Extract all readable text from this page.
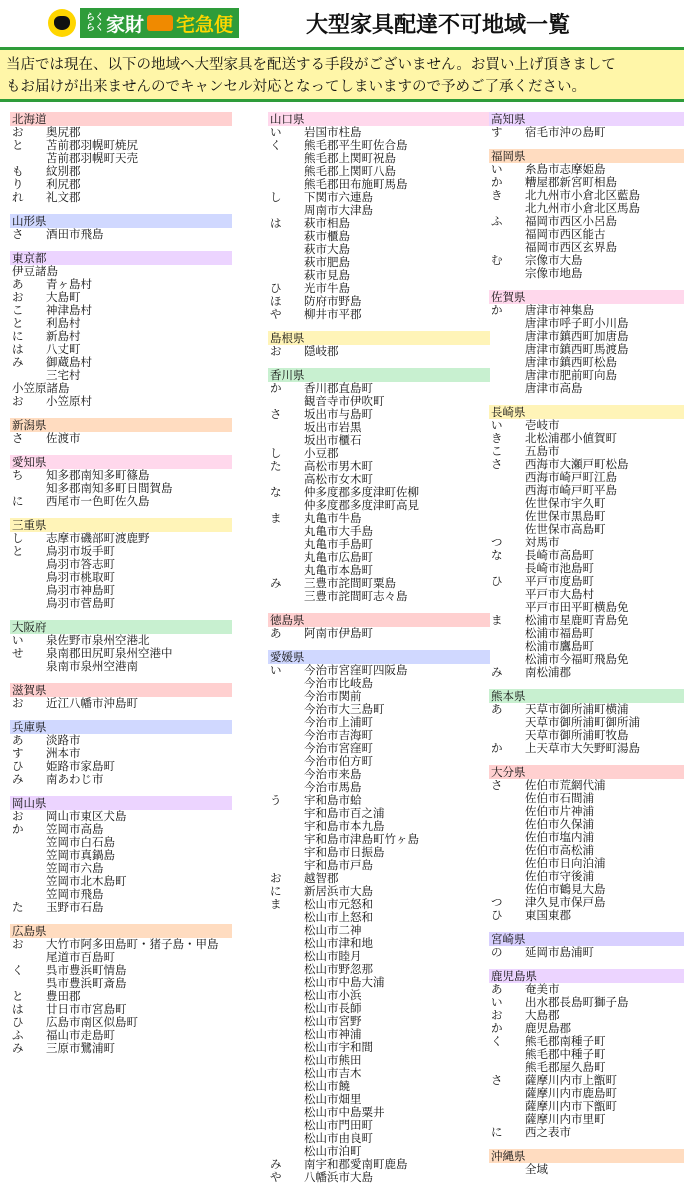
らくらく 家財 宅急便	大型家具配達不可地域一覧
当店では現在、以下の地域へ大型家具を配送する手段がございません。お買い上げ頂きまして
もお届けが出来ませんのでキャンセル対応となってしまいますので予めご了承ください。
北海道
お	奥尻郡
と	苫前郡羽幌町焼尻
苫前郡羽幌町天売
も	紋別郡
り	利尻郡
れ	礼文郡
山形県
さ	酒田市飛島
東京都
伊豆諸島
あ	青ヶ島村
お	大島町
こ	神津島村
と	利島村
に	新島村
は	八丈町
み	御蔵島村
三宅村
小笠原諸島
お	小笠原村
新潟県
さ	佐渡市
愛知県
ち	知多郡南知多町篠島
知多郡南知多町日間賀島
に	西尾市一色町佐久島
三重県
し	志摩市磯部町渡鹿野
と	鳥羽市坂手町
鳥羽市答志町
鳥羽市桃取町
鳥羽市神島町
鳥羽市菅島町
大阪府
い	泉佐野市泉州空港北
せ	泉南郡田尻町泉州空港中
泉南市泉州空港南
滋賀県
お	近江八幡市沖島町
兵庫県
あ	淡路市
す	洲本市
ひ	姫路市家島町
み	南あわじ市
岡山県
お	岡山市東区犬島
か	笠岡市高島
笠岡市白石島
笠岡市真鍋島
笠岡市六島
笠岡市北木島町
笠岡市飛島
た	玉野市石島
広島県
お	大竹市阿多田島町・猪子島・甲島
尾道市百島町
く	呉市豊浜町情島
呉市豊浜町斎島
と	豊田郡
は	廿日市市宮島町
ひ	広島市南区似島町
ふ	福山市走島町
み	三原市鷺浦町
山口県
い	岩国市柱島
く	熊毛郡平生町佐合島
熊毛郡上関町祝島
熊毛郡上関町八島
熊毛郡田布施町馬島
し	下関市六連島
周南市大津島
は	萩市相島
萩市櫃島
萩市大島
萩市肥島
萩市見島
ひ	光市牛島
ほ	防府市野島
や	柳井市平郡
島根県
お	隠岐郡
香川県
か	香川郡直島町
観音寺市伊吹町
さ	坂出市与島町
坂出市岩黒
坂出市櫃石
し	小豆郡
た	高松市男木町
高松市女木町
な	仲多度郡多度津町佐柳
仲多度郡多度津町高見
ま	丸亀市牛島
丸亀市大手島
丸亀市手島町
丸亀市広島町
丸亀市本島町
み	三豊市詫間町粟島
三豊市詫間町志々島
徳島県
あ	阿南市伊島町
愛媛県
い	今治市宮窪町四阪島
今治市比岐島
今治市関前
今治市大三島町
今治市上浦町
今治市吉海町
今治市宮窪町
今治市伯方町
今治市来島
今治市馬島
う	宇和島市蛤
宇和島市百之浦
宇和島市本九島
宇和島市津島町竹ヶ島
宇和島市日振島
宇和島市戸島
お	越智郡
に	新居浜市大島
ま	松山市元怒和
松山市上怒和
松山市二神
松山市津和地
松山市睦月
松山市野忽那
松山市中島大浦
松山市小浜
松山市長師
松山市宮野
松山市神浦
松山市宇和間
松山市熊田
松山市吉木
松山市饒
松山市畑里
松山市中島粟井
松山市門田町
松山市由良町
松山市泊町
み	南宇和郡愛南町鹿島
や	八幡浜市大島
高知県
す	宿毛市沖の島町
福岡県
い	糸島市志摩姫島
か	糟屋郡新宮町相島
き	北九州市小倉北区藍島
北九州市小倉北区馬島
ふ	福岡市西区小呂島
福岡市西区能古
福岡市西区玄界島
む	宗像市大島
宗像市地島
佐賀県
か	唐津市神集島
唐津市呼子町小川島
唐津市鎮西町加唐島
唐津市鎮西町馬渡島
唐津市鎮西町松島
唐津市肥前町向島
唐津市高島
長崎県
い	壱岐市
き	北松浦郡小値賀町
こ	五島市
さ	西海市大瀬戸町松島
西海市崎戸町江島
西海市崎戸町平島
佐世保市宇久町
佐世保市黒島町
佐世保市高島町
つ	対馬市
な	長崎市高島町
長崎市池島町
ひ	平戸市度島町
平戸市大島村
平戸市田平町横島免
ま	松浦市星鹿町青島免
松浦市福島町
松浦市鷹島町
松浦市今福町飛島免
み	南松浦郡
熊本県
あ	天草市御所浦町横浦
天草市御所浦町御所浦
天草市御所浦町牧島
か	上天草市大矢野町湯島
大分県
さ	佐伯市荒網代浦
佐伯市石間浦
佐伯市片神浦
佐伯市久保浦
佐伯市塩内浦
佐伯市高松浦
佐伯市日向泊浦
佐伯市守後浦
佐伯市鶴見大島
つ	津久見市保戸島
ひ	東国東郡
宮崎県
の	延岡市島浦町
鹿児島県
あ	奄美市
い	出水郡長島町獅子島
お	大島郡
か	鹿児島郡
く	熊毛郡南種子町
熊毛郡中種子町
熊毛郡屋久島町
さ	薩摩川内市上甑町
薩摩川内市鹿島町
薩摩川内市下甑町
薩摩川内市里町
に	西之表市
沖縄県
全域
